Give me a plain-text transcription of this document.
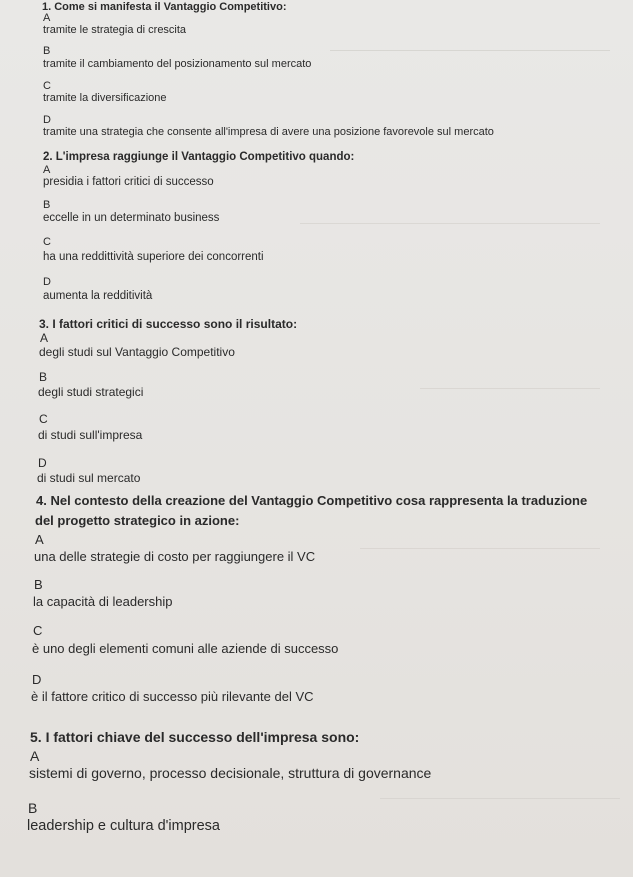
1. Come si manifesta il Vantaggio Competitivo:
A
tramite le strategia di crescita
B
tramite il cambiamento del posizionamento sul mercato
C
tramite la diversificazione
D
tramite una strategia che consente all'impresa di avere una posizione favorevole sul mercato
2. L'impresa raggiunge il Vantaggio Competitivo quando:
A
presidia i fattori critici di successo
B
eccelle in un determinato business
C
ha una reddittività superiore dei concorrenti
D
aumenta la redditività
3. I fattori critici di successo sono il risultato:
A
degli studi sul Vantaggio Competitivo
B
degli studi strategici
C
di studi sull'impresa
D
di studi sul mercato
4. Nel contesto della creazione del Vantaggio Competitivo cosa rappresenta la traduzione
del progetto strategico in azione:
A
una delle strategie di costo per raggiungere il VC
B
la capacità di leadership
C
è uno degli elementi comuni alle aziende di successo
D
è il fattore critico di successo più rilevante del VC
5. I fattori chiave del successo dell'impresa sono:
A
sistemi di governo, processo decisionale, struttura di governance
B
leadership e cultura d'impresa
